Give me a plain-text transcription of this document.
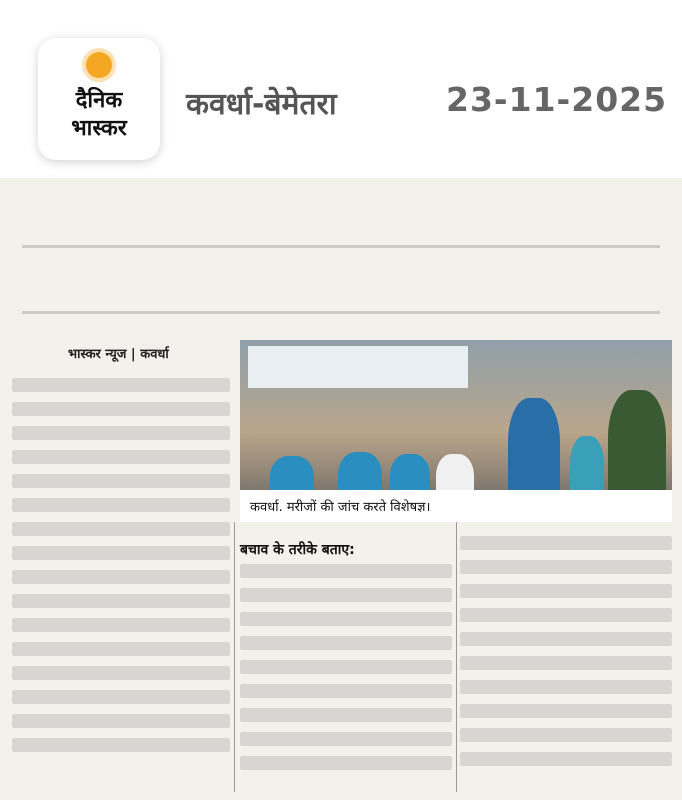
दैनिक
भास्कर
कवर्धा-बेमेतरा	23-11-2025
भास्कर न्यूज | कवर्धा
कवर्धा. मरीजों की जांच करते विशेषज्ञ।
बचाव के तरीके बताए:
